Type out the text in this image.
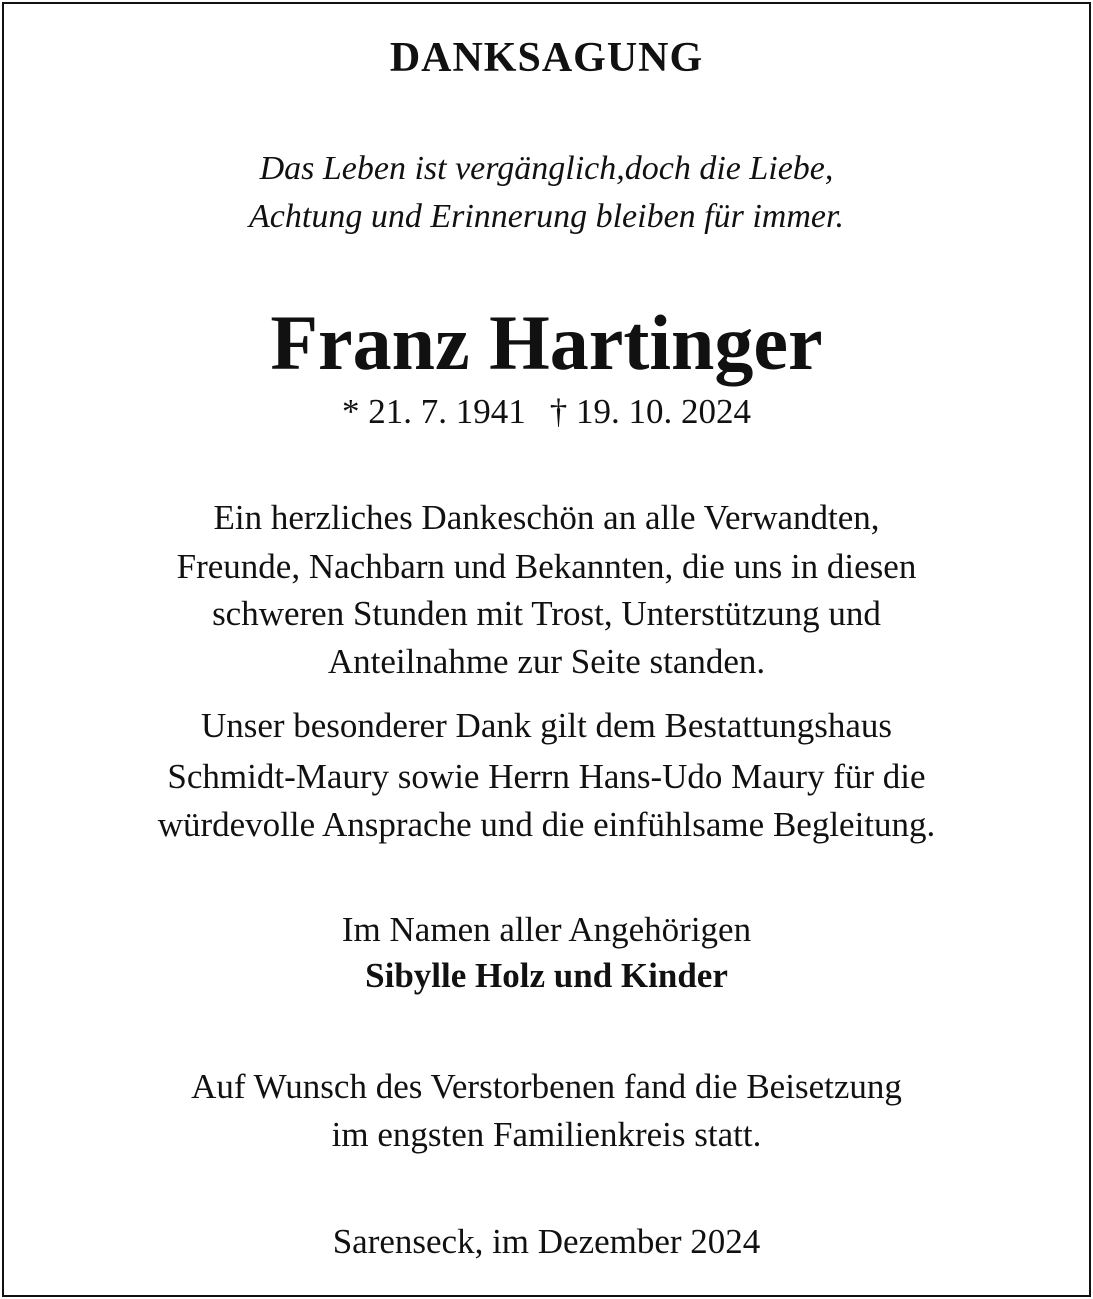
DANKSAGUNG
Das Leben ist vergänglich,doch die Liebe,
Achtung und Erinnerung bleiben für immer.
Franz Hartinger
* 21. 7. 1941 † 19. 10. 2024
Ein herzliches Dankeschön an alle Verwandten,
Freunde, Nachbarn und Bekannten, die uns in diesen
schweren Stunden mit Trost, Unterstützung und
Anteilnahme zur Seite standen.
Unser besonderer Dank gilt dem Bestattungshaus
Schmidt-Maury sowie Herrn Hans-Udo Maury für die
würdevolle Ansprache und die einfühlsame Begleitung.
Im Namen aller Angehörigen
Sibylle Holz und Kinder
Auf Wunsch des Verstorbenen fand die Beisetzung
im engsten Familienkreis statt.
Sarenseck, im Dezember 2024
